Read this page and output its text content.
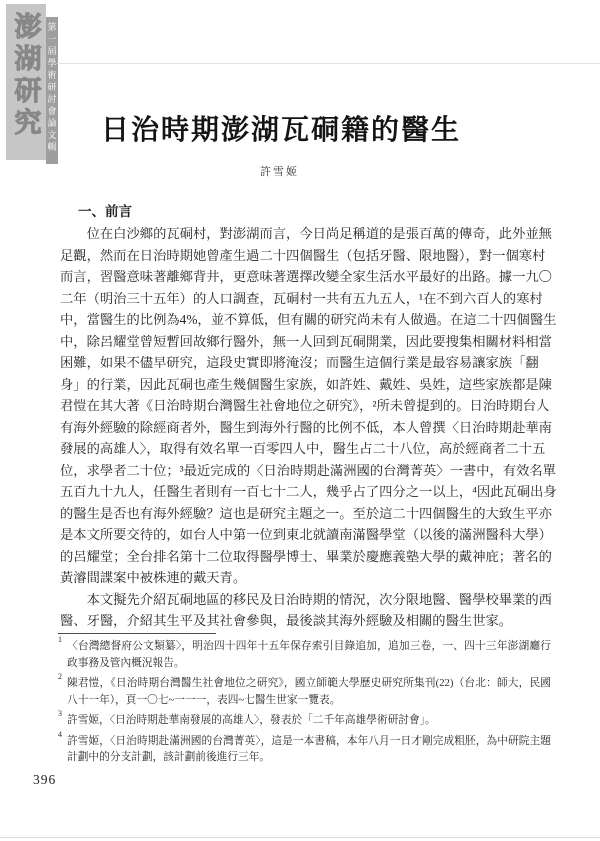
澎湖研究 第一屆學術研討會論文輯 日治時期澎湖瓦硐籍的醫生
許雪姬
一、前言
　　位在白沙鄉的瓦硐村，對澎湖而言，今日尚足稱道的是張百萬的傳奇，此外並無
足觀，然而在日治時期她曾產生過二十四個醫生（包括牙醫、限地醫），對一個寒村
而言，習醫意味著離鄉背井，更意味著選擇改變全家生活水平最好的出路。據一九〇
二年（明治三十五年）的人口調查，瓦硐村一共有五九五人，¹在不到六百人的寒村
中，當醫生的比例為4%，並不算低，但有關的研究尚未有人做過。在這二十四個醫生
中，除呂耀堂曾短暫回故鄉行醫外，無一人回到瓦硐開業，因此要搜集相關材料相當
困難，如果不儘早研究，這段史實即將淹沒；而醫生這個行業是最容易讓家族「翻
身」的行業，因此瓦硐也產生幾個醫生家族，如許姓、戴姓、吳姓，這些家族都是陳
君愷在其大著《日治時期台灣醫生社會地位之研究》，²所未曾提到的。日治時期台人
有海外經驗的除經商者外，醫生到海外行醫的比例不低，本人曾撰〈日治時期赴華南
發展的高雄人〉，取得有效名單一百零四人中，醫生占二十八位，高於經商者二十五
位，求學者二十位；³最近完成的〈日治時期赴滿洲國的台灣菁英〉一書中，有效名單
五百九十九人，任醫生者則有一百七十二人，幾乎占了四分之一以上，⁴因此瓦硐出身
的醫生是否也有海外經驗？這也是研究主題之一。至於這二十四個醫生的大致生平亦
是本文所要交待的，如台人中第一位到東北就讀南滿醫學堂（以後的滿洲醫科大學）
的呂耀堂；全台排名第十二位取得醫學博士、畢業於慶應義塾大學的戴神庇；著名的
黃濬間諜案中被株連的戴天青。
　　本文擬先介紹瓦硐地區的移民及日治時期的情況，次分限地醫、醫學校畢業的西
醫、牙醫，介紹其生平及其社會參與，最後談其海外經驗及相關的醫生世家。
1
〈台灣總督府公文類纂〉，明治四十四年十五年保存索引目錄追加，追加三卷，一、四十三年澎湖廳行政事務及管內概況報告。
2
陳君愷，《日治時期台灣醫生社會地位之研究》，國立師範大學歷史研究所集刊(22)（台北：師大，民國八十一年），頁一〇七~一一一，表四~七醫生世家一覽表。
3
許雪姬，〈日治時期赴華南發展的高雄人〉，發表於「二千年高雄學術研討會」。
4
許雪姬，〈日治時期赴滿洲國的台灣菁英〉，這是一本書稿，本年八月一日才剛完成粗胚，為中研院主題計劃中的分支計劃，該計劃前後進行三年。
396
